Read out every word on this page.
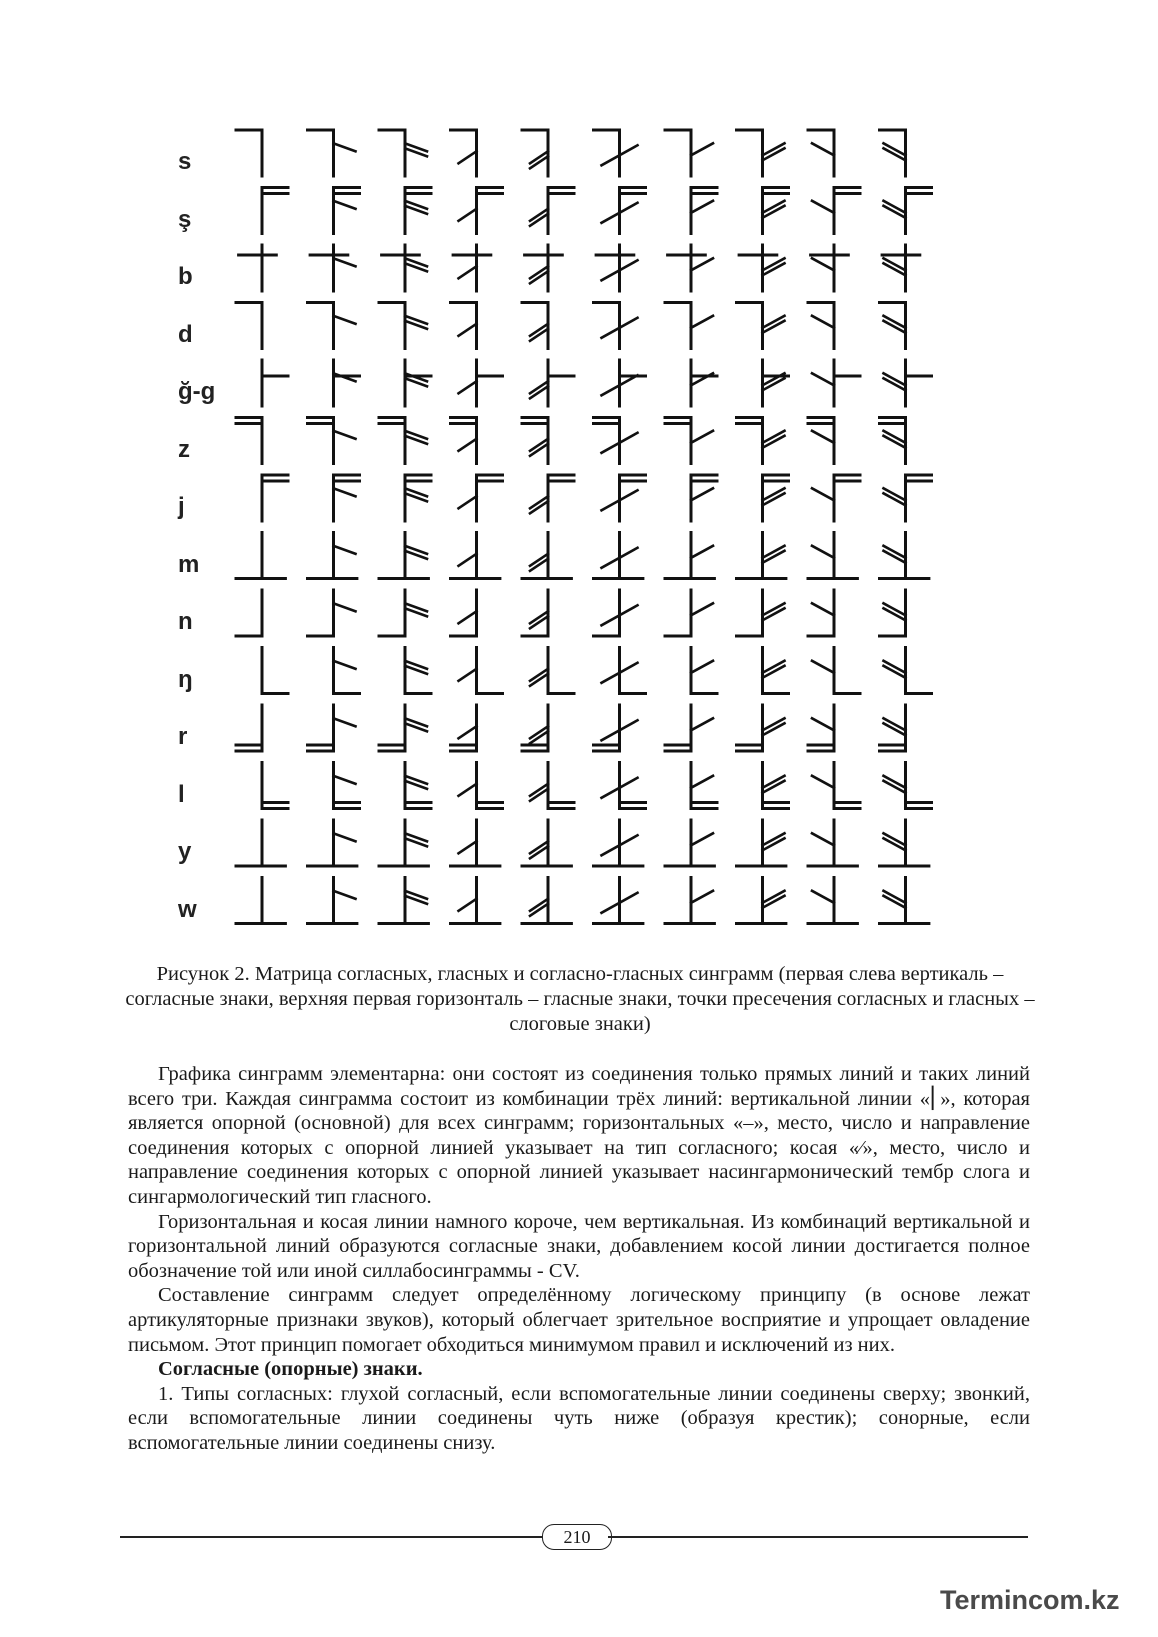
s
ş
b
d
ğ-g
z
j
m
n
ŋ
r
l
y
w

Рисунок 2. Матрица согласных, гласных и согласно-гласных синграмм (первая слева вертикаль – согласные знаки, верхняя первая горизонталь – гласные знаки, точки пресечения согласных и гласных – слоговые знаки)

Графика синграмм элементарна: они состоят из соединения только прямых линий и таких линий всего три. Каждая синграмма состоит из комбинации трёх линий: вертикальной линии «⎜», которая является опорной (основной) для всех синграмм; горизонтальных «–», место, число и направление соединения которых с опорной линией указывает на тип согласного; косая «⁄», место, число и направление соединения которых с опорной линией указывает насингармонический тембр слога и сингармологический тип гласного.

Горизонтальная и косая линии намного короче, чем вертикальная. Из комбинаций вертикальной и горизонтальной линий образуются согласные знаки, добавлением косой линии достигается полное обозначение той или иной силлабосинграммы - CV.

Составление синграмм следует определённому логическому принципу (в основе лежат артикуляторные признаки звуков), который облегчает зрительное восприятие и упрощает овладение письмом. Этот принцип помогает обходиться минимумом правил и исключений из них.

Согласные (опорные) знаки.

1. Типы согласных: глухой согласный, если вспомогательные линии соединены сверху; звонкий, если вспомогательные линии соединены чуть ниже (образуя крестик); сонорные, если вспомогательные линии соединены снизу.

210
Termincom.kz
